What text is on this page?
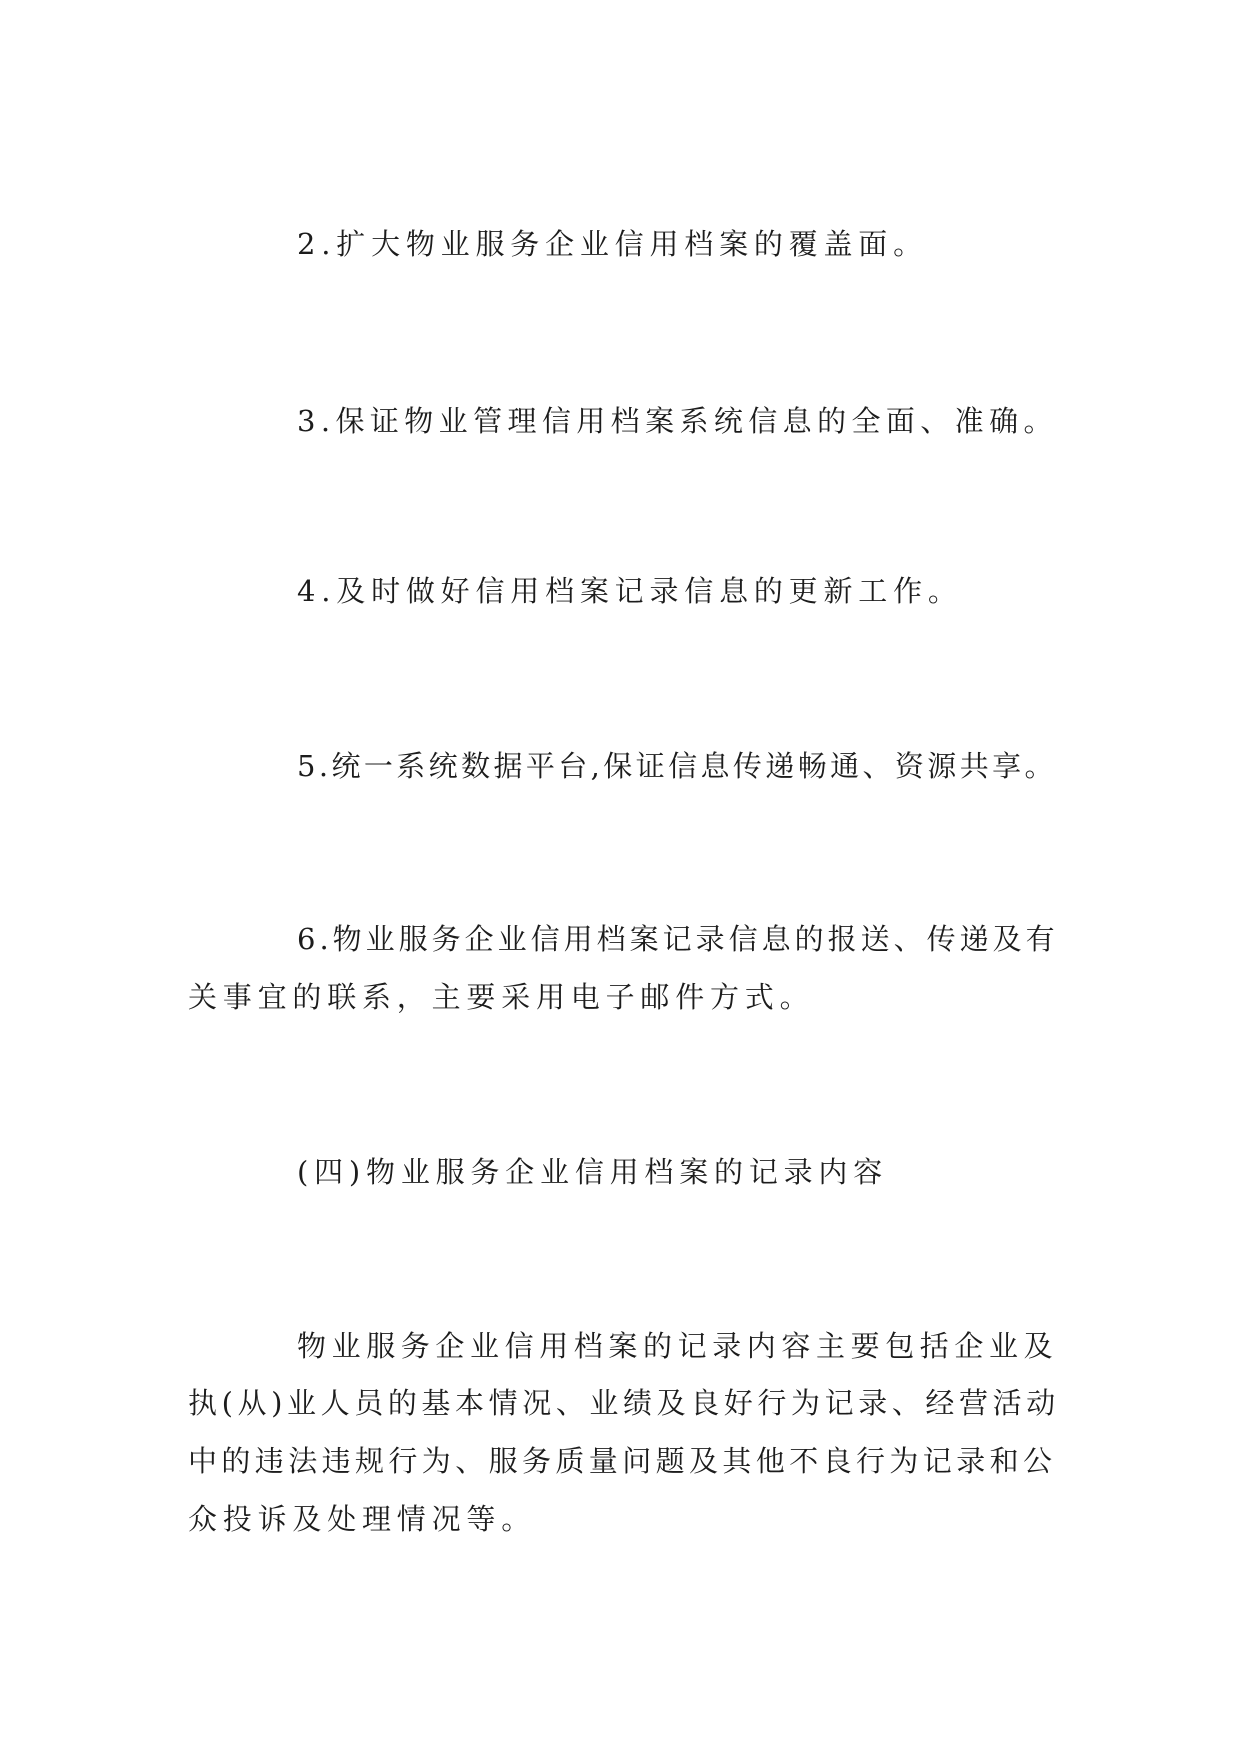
2.扩大物业服务企业信用档案的覆盖面。
3.保证物业管理信用档案系统信息的全面、准确。
4.及时做好信用档案记录信息的更新工作。
5.统一系统数据平台,保证信息传递畅通、资源共享。
6.物业服务企业信用档案记录信息的报送、传递及有
关事宜的联系，主要采用电子邮件方式。
(四)物业服务企业信用档案的记录内容
物业服务企业信用档案的记录内容主要包括企业及
执(从)业人员的基本情况、业绩及良好行为记录、经营活动
中的违法违规行为、服务质量问题及其他不良行为记录和公
众投诉及处理情况等。
